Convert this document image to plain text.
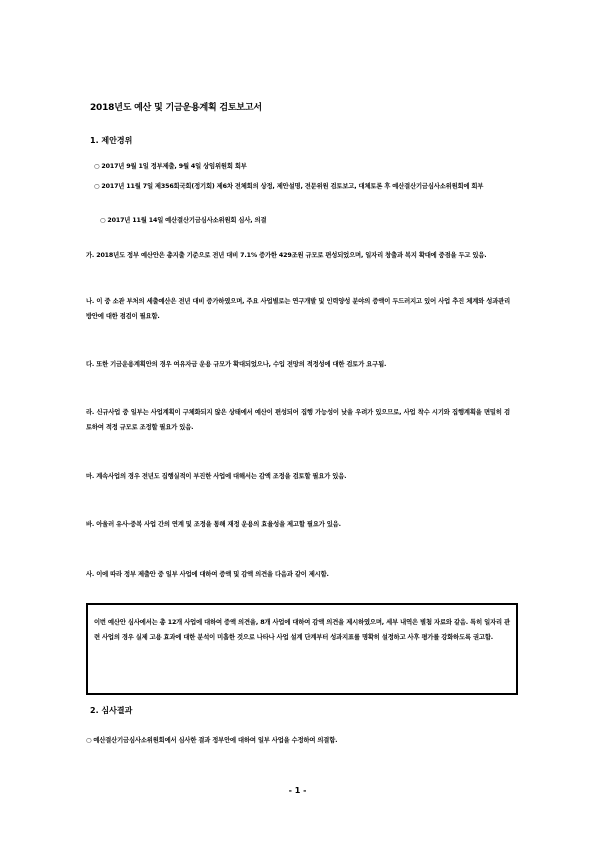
2018년도 예산 및 기금운용계획 검토보고서
1. 제안경위
○ 2017년 9월 1일 정부제출, 9월 4일 상임위원회 회부
○ 2017년 11월 7일 제356회국회(정기회) 제6차 전체회의 상정, 제안설명, 전문위원 검토보고, 대체토론 후 예산결산기금심사소위원회에 회부
○ 2017년 11월 14일 예산결산기금심사소위원회 심사, 의결
가. 2018년도 정부 예산안은 총지출 기준으로 전년 대비 7.1% 증가한 429조원 규모로 편성되었으며, 일자리 창출과 복지 확대에 중점을 두고 있음.
나. 이 중 소관 부처의 세출예산은 전년 대비 증가하였으며, 주요 사업별로는 연구개발 및 인력양성 분야의 증액이 두드러지고 있어 사업 추진 체계와 성과관리 방안에 대한 점검이 필요함.
다. 또한 기금운용계획안의 경우 여유자금 운용 규모가 확대되었으나, 수입 전망의 적정성에 대한 검토가 요구됨.
라. 신규사업 중 일부는 사업계획이 구체화되지 않은 상태에서 예산이 편성되어 집행 가능성이 낮을 우려가 있으므로, 사업 착수 시기와 집행계획을 면밀히 검토하여 적정 규모로 조정할 필요가 있음.
마. 계속사업의 경우 전년도 집행실적이 부진한 사업에 대해서는 감액 조정을 검토할 필요가 있음.
바. 아울러 유사·중복 사업 간의 연계 및 조정을 통해 재정 운용의 효율성을 제고할 필요가 있음.
사. 이에 따라 정부 제출안 중 일부 사업에 대하여 증액 및 감액 의견을 다음과 같이 제시함.

이번 예산안 심사에서는 총 12개 사업에 대하여 증액 의견을, 8개 사업에 대하여 감액 의견을 제시하였으며, 세부 내역은 별첨 자료와 같음. 특히 일자리 관련 사업의 경우 실제 고용 효과에 대한 분석이 미흡한 것으로 나타나 사업 설계 단계부터 성과지표를 명확히 설정하고 사후 평가를 강화하도록 권고함.

2. 심사결과
○ 예산결산기금심사소위원회에서 심사한 결과 정부안에 대하여 일부 사업을 수정하여 의결함.
- 1 -
